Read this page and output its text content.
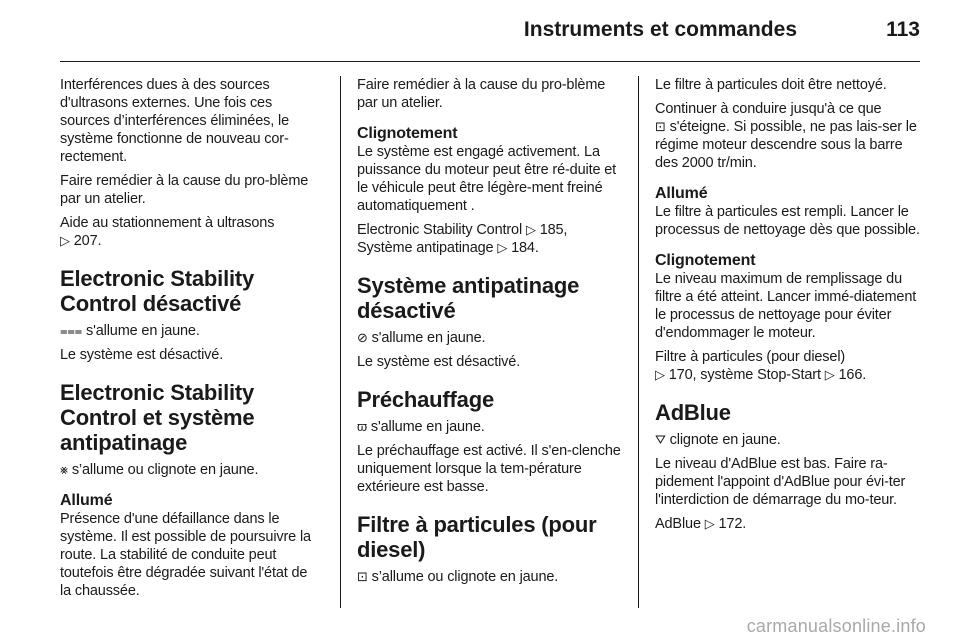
Instruments et commandes	113

Interférences dues à des sources d'ultrasons externes. Une fois ces sources d’interférences éliminées, le système fonctionne de nouveau cor-rectement.

Faire remédier à la cause du pro-blème par un atelier.

Aide au stationnement à ultrasons
▷ 207.

Electronic Stability Control désactivé

⩶ s'allume en jaune.

Le système est désactivé.

Electronic Stability Control et système antipatinage

⨳ s’allume ou clignote en jaune.

Allumé

Présence d'une défaillance dans le système. Il est possible de poursuivre la route. La stabilité de conduite peut toutefois être dégradée suivant l'état de la chaussée.

Faire remédier à la cause du pro-blème par un atelier.

Clignotement

Le système est engagé activement. La puissance du moteur peut être ré-duite et le véhicule peut être légère-ment freiné automatiquement .

Electronic Stability Control ▷ 185,
Système antipatinage ▷ 184.

Système antipatinage désactivé

⊘ s'allume en jaune.

Le système est désactivé.

Préchauffage

ϖ s'allume en jaune.

Le préchauffage est activé. Il s'en-clenche uniquement lorsque la tem-pérature extérieure est basse.

Filtre à particules (pour diesel)

⊡ s’allume ou clignote en jaune.

Le filtre à particules doit être nettoyé.

Continuer à conduire jusqu'à ce que
⊡ s'éteigne. Si possible, ne pas lais-ser le régime moteur descendre sous la barre des 2000 tr/min.

Allumé

Le filtre à particules est rempli. Lancer le processus de nettoyage dès que possible.

Clignotement

Le niveau maximum de remplissage du filtre a été atteint. Lancer immé-diatement le processus de nettoyage pour éviter d'endommager le moteur.

Filtre à particules (pour diesel)
▷ 170, système Stop-Start ▷ 166.

AdBlue

⛛ clignote en jaune.

Le niveau d'AdBlue est bas. Faire ra-pidement l'appoint d'AdBlue pour évi-ter l'interdiction de démarrage du mo-teur.

AdBlue ▷ 172.

carmanualsonline.info
